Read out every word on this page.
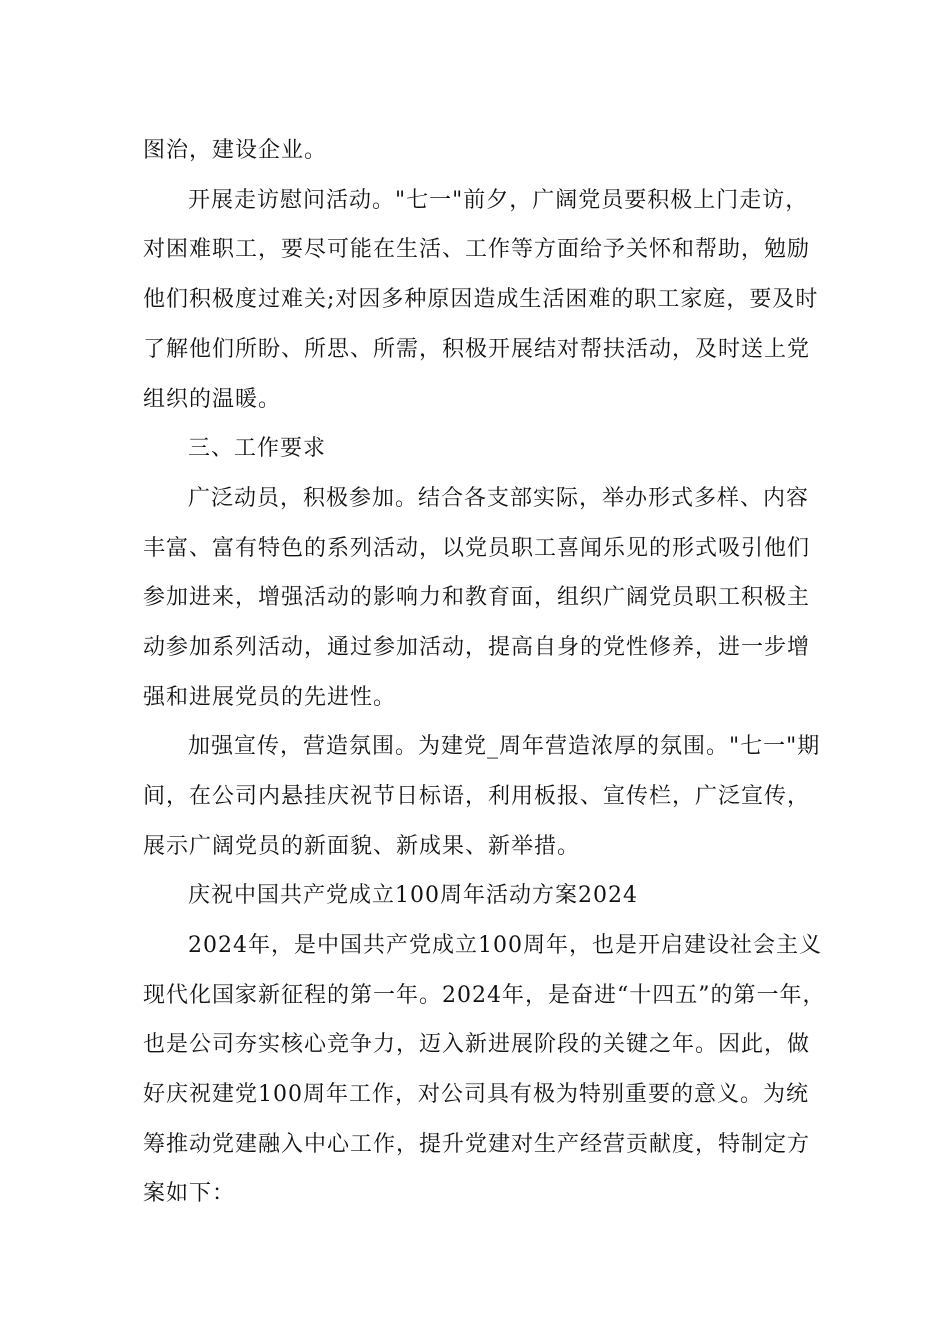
图治，建设企业。
开展走访慰问活动。"七一"前夕，广阔党员要积极上门走访，
对困难职工，要尽可能在生活、工作等方面给予关怀和帮助，勉励
他们积极度过难关;对因多种原因造成生活困难的职工家庭，要及时
了解他们所盼、所思、所需，积极开展结对帮扶活动，及时送上党
组织的温暖。
三、工作要求
广泛动员，积极参加。结合各支部实际，举办形式多样、内容
丰富、富有特色的系列活动，以党员职工喜闻乐见的形式吸引他们
参加进来，增强活动的影响力和教育面，组织广阔党员职工积极主
动参加系列活动，通过参加活动，提高自身的党性修养，进一步增
强和进展党员的先进性。
加强宣传，营造氛围。为建党_周年营造浓厚的氛围。"七一"期
间，在公司内悬挂庆祝节日标语，利用板报、宣传栏，广泛宣传，
展示广阔党员的新面貌、新成果、新举措。
庆祝中国共产党成立100周年活动方案2024
2024年，是中国共产党成立100周年，也是开启建设社会主义
现代化国家新征程的第一年。2024年，是奋进“十四五”的第一年，
也是公司夯实核心竞争力，迈入新进展阶段的关键之年。因此，做
好庆祝建党100周年工作，对公司具有极为特别重要的意义。为统
筹推动党建融入中心工作，提升党建对生产经营贡献度，特制定方
案如下：
